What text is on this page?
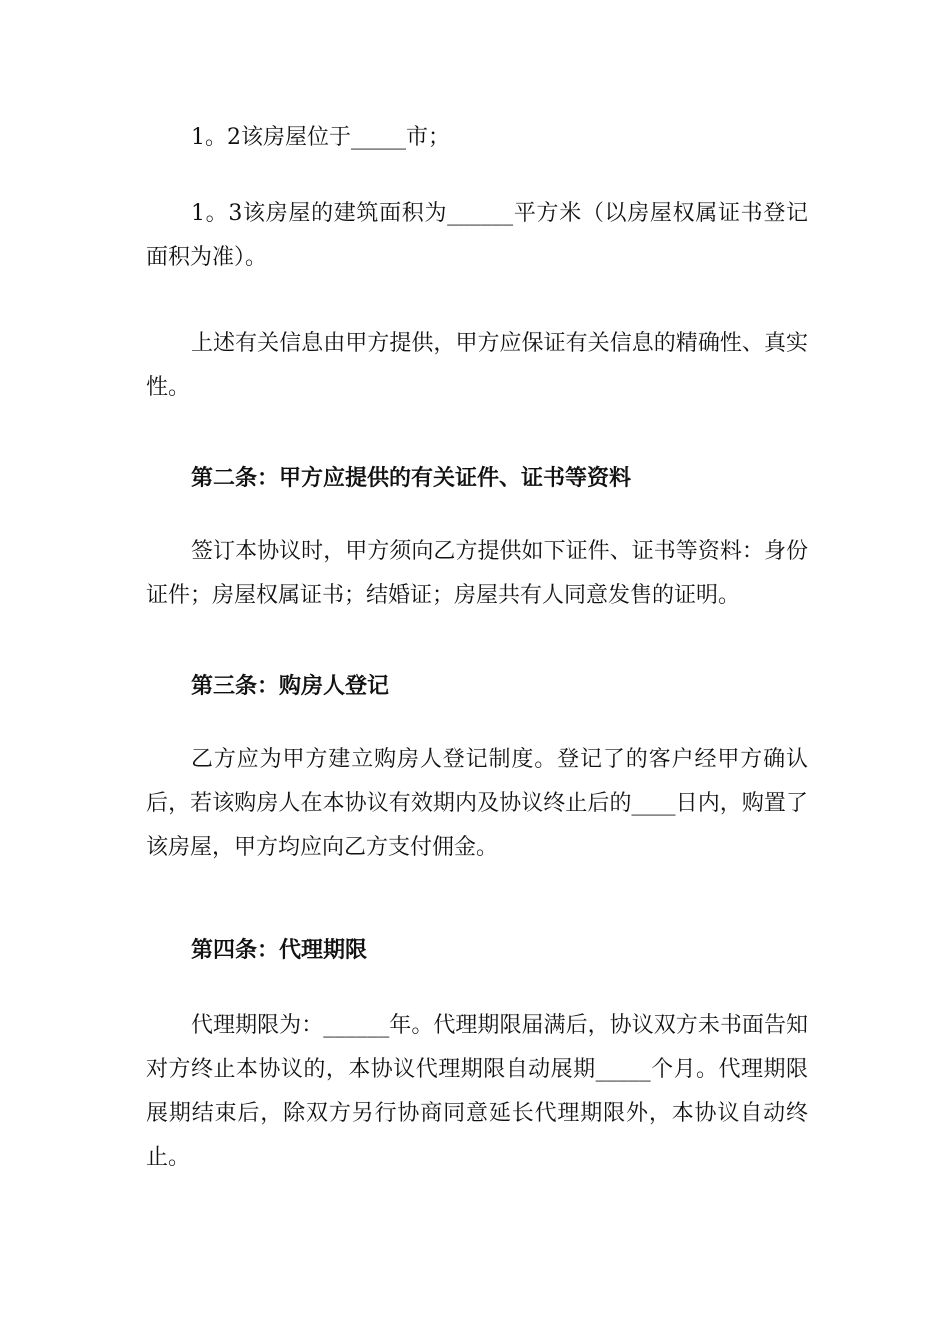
1。2该房屋位于_____市；

1。3该房屋的建筑面积为______平方米（以房屋权属证书登记面积为准）。

上述有关信息由甲方提供，甲方应保证有关信息的精确性、真实性。

第二条：甲方应提供的有关证件、证书等资料

签订本协议时，甲方须向乙方提供如下证件、证书等资料：身份证件；房屋权属证书；结婚证；房屋共有人同意发售的证明。

第三条：购房人登记

乙方应为甲方建立购房人登记制度。登记了的客户经甲方确认后，若该购房人在本协议有效期内及协议终止后的____日内，购置了该房屋，甲方均应向乙方支付佣金。

第四条：代理期限

代理期限为：______年。代理期限届满后，协议双方未书面告知对方终止本协议的，本协议代理期限自动展期_____个月。代理期限展期结束后，除双方另行协商同意延长代理期限外，本协议自动终止。
